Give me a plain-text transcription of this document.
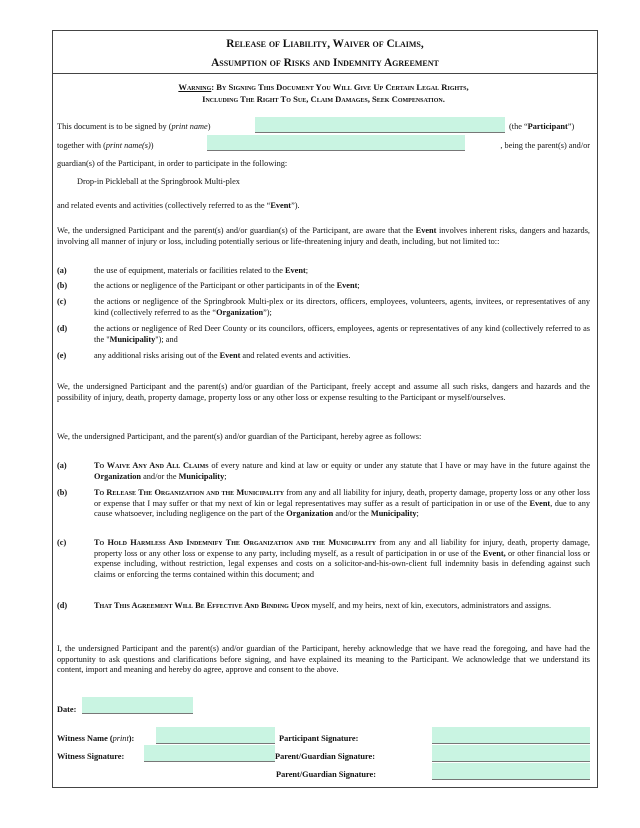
Release of Liability, Waiver of Claims,
Assumption of Risks and Indemnity Agreement
Warning: By Signing This Document You Will Give Up Certain Legal Rights,
Including The Right To Sue, Claim Damages, Seek Compensation.
This document is to be signed by (print name)	(the “Participant”)
together with (print name(s))	, being the parent(s) and/or
guardian(s) of the Participant, in order to participate in the following:
Drop-in Pickleball at the Springbrook Multi-plex
and related events and activities (collectively referred to as the “Event”).
We, the undersigned Participant and the parent(s) and/or guardian(s) of the Participant, are aware that the Event involves inherent risks, dangers and hazards, involving all manner of injury or loss, including potentially serious or life-threatening injury and death, including, but not limited to::
(a)	the use of equipment, materials or facilities related to the Event;
(b)	the actions or negligence of the Participant or other participants in of the Event;
(c)	the actions or negligence of the Springbrook Multi-plex or its directors, officers, employees, volunteers, agents, invitees, or representatives of any kind (collectively referred to as the “Organization”);
(d)	the actions or negligence of Red Deer County or its councilors, officers, employees, agents or representatives of any kind (collectively referred to as the "Municipality"); and
(e)	any additional risks arising out of the Event and related events and activities.
We, the undersigned Participant and the parent(s) and/or guardian of the Participant, freely accept and assume all such risks, dangers and hazards and the possibility of injury, death, property damage, property loss or any other loss or expense resulting to the Participant or myself/ourselves.
We, the undersigned Participant, and the parent(s) and/or guardian of the Participant, hereby agree as follows:
(a)	To Waive Any And All Claims of every nature and kind at law or equity or under any statute that I have or may have in the future against the Organization and/or the Municipality;
(b)	To Release The Organization and the Municipality from any and all liability for injury, death, property damage, property loss or any other loss or expense that I may suffer or that my next of kin or legal representatives may suffer as a result of participation in or use of the Event, due to any cause whatsoever, including negligence on the part of the Organization and/or the Municipality;
(c)	To Hold Harmless And Indemnify The Organization and the Municipality from any and all liability for injury, death, property damage, property loss or any other loss or expense to any party, including myself, as a result of participation in or use of the Event, or other financial loss or expense including, without restriction, legal expenses and costs on a solicitor-and-his-own-client full indemnity basis in defending against such claims or enforcing the terms contained within this document; and
(d)	That This Agreement Will Be Effective And Binding Upon myself, and my heirs, next of kin, executors, administrators and assigns.
I, the undersigned Participant and the parent(s) and/or guardian of the Participant, hereby acknowledge that we have read the foregoing, and have had the opportunity to ask questions and clarifications before signing, and have explained its meaning to the Participant. We acknowledge that we understand its content, import and meaning and hereby do agree, approve and consent to the above.
Date:
Witness Name (print):	Participant Signature:
Witness Signature:	Parent/Guardian Signature:
Parent/Guardian Signature:
